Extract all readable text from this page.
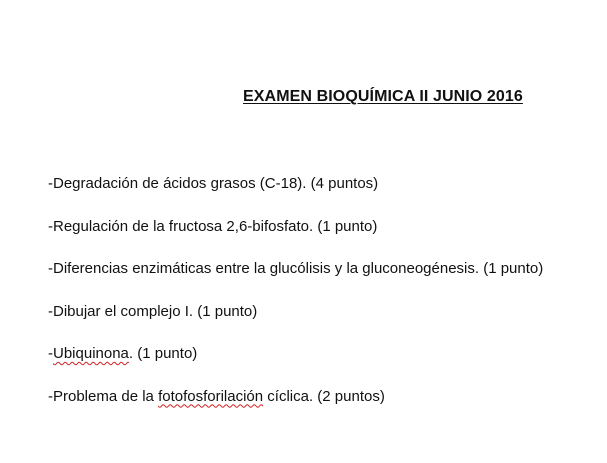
EXAMEN BIOQUÍMICA II JUNIO 2016
-Degradación de ácidos grasos (C-18). (4 puntos)
-Regulación de la fructosa 2,6-bifosfato. (1 punto)
-Diferencias enzimáticas entre la glucólisis y la gluconeogénesis. (1 punto)
-Dibujar el complejo I. (1 punto)
-Ubiquinona. (1 punto)
-Problema de la fotofosforilación cíclica. (2 puntos)
